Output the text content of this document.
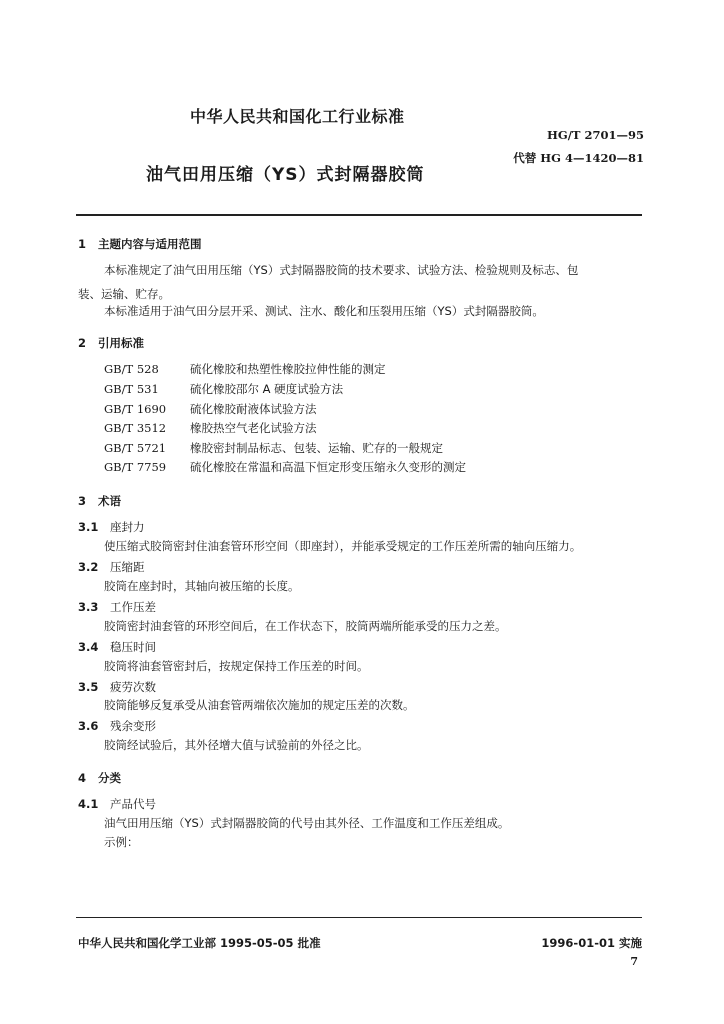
中华人民共和国化工行业标准
HG/T 2701—95
油气田用压缩（YS）式封隔器胶筒
代替 HG 4—1420—81
1 主题内容与适用范围
本标准规定了油气田用压缩（YS）式封隔器胶筒的技术要求、试验方法、检验规则及标志、包
装、运输、贮存。
本标准适用于油气田分层开采、测试、注水、酸化和压裂用压缩（YS）式封隔器胶筒。
2 引用标准
GB/T 528	硫化橡胶和热塑性橡胶拉伸性能的测定
GB/T 531	硫化橡胶邵尔 A 硬度试验方法
GB/T 1690 硫化橡胶耐液体试验方法
GB/T 3512 橡胶热空气老化试验方法
GB/T 5721 橡胶密封制品标志、包装、运输、贮存的一般规定
GB/T 7759 硫化橡胶在常温和高温下恒定形变压缩永久变形的测定
3 术语
3.1 座封力
使压缩式胶筒密封住油套管环形空间（即座封），并能承受规定的工作压差所需的轴向压缩力。
3.2 压缩距
胶筒在座封时，其轴向被压缩的长度。
3.3 工作压差
胶筒密封油套管的环形空间后，在工作状态下，胶筒两端所能承受的压力之差。
3.4 稳压时间
胶筒将油套管密封后，按规定保持工作压差的时间。
3.5 疲劳次数
胶筒能够反复承受从油套管两端依次施加的规定压差的次数。
3.6 残余变形
胶筒经试验后，其外径增大值与试验前的外径之比。
4 分类
4.1 产品代号
油气田用压缩（YS）式封隔器胶筒的代号由其外径、工作温度和工作压差组成。
示例：
中华人民共和国化学工业部 1995-05-05 批准	1996-01-01 实施
7
